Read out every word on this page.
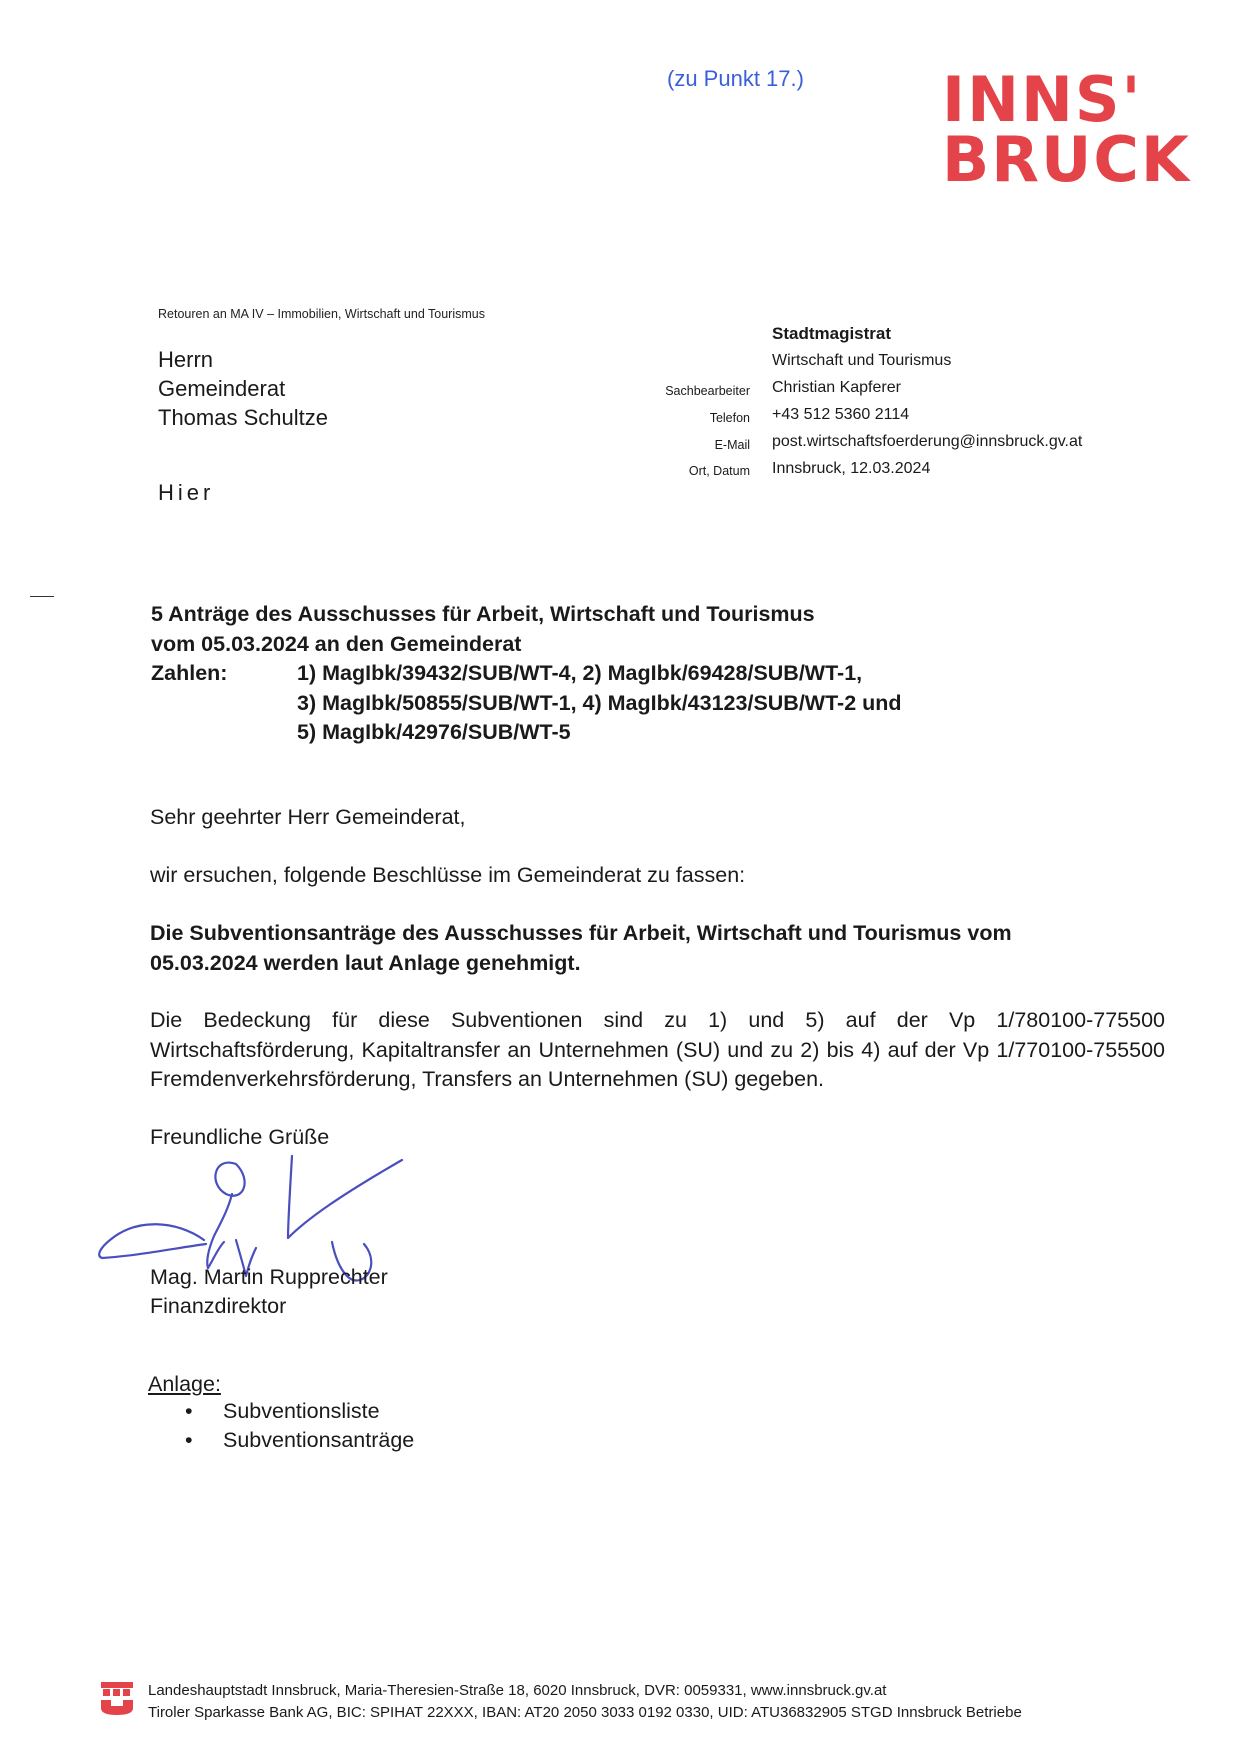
(zu Punkt 17.) INNS'
BRUCK
Retouren an MA IV – Immobilien, Wirtschaft und Tourismus
Herrn
Gemeinderat
Thomas Schultze
Hier
Stadtmagistrat
Wirtschaft und Tourismus
Sachbearbeiter Christian Kapferer
Telefon +43 512 5360 2114
E-Mail post.wirtschaftsfoerderung@innsbruck.gv.at
Ort, Datum Innsbruck, 12.03.2024
5 Anträge des Ausschusses für Arbeit, Wirtschaft und Tourismus
vom 05.03.2024 an den Gemeinderat
Zahlen:	1) MagIbk/39432/SUB/WT-4, 2) MagIbk/69428/SUB/WT-1,
3) MagIbk/50855/SUB/WT-1, 4) MagIbk/43123/SUB/WT-2 und
5) MagIbk/42976/SUB/WT-5
Sehr geehrter Herr Gemeinderat,
wir ersuchen, folgende Beschlüsse im Gemeinderat zu fassen:
Die Subventionsanträge des Ausschusses für Arbeit, Wirtschaft und Tourismus vom 05.03.2024 werden laut Anlage genehmigt.
Die Bedeckung für diese Subventionen sind zu 1) und 5) auf der Vp 1/780100-775500 Wirtschaftsförderung, Kapitaltransfer an Unternehmen (SU) und zu 2) bis 4) auf der Vp 1/770100-755500 Fremdenverkehrsförderung, Transfers an Unternehmen (SU) gegeben.
Freundliche Grüße
Mag. Martin Rupprechter
Finanzdirektor
Anlage:
• Subventionsliste
• Subventionsanträge
Landeshauptstadt Innsbruck, Maria-Theresien-Straße 18, 6020 Innsbruck, DVR: 0059331, www.innsbruck.gv.at
Tiroler Sparkasse Bank AG, BIC: SPIHAT 22XXX, IBAN: AT20 2050 3033 0192 0330, UID: ATU36832905 STGD Innsbruck Betriebe
